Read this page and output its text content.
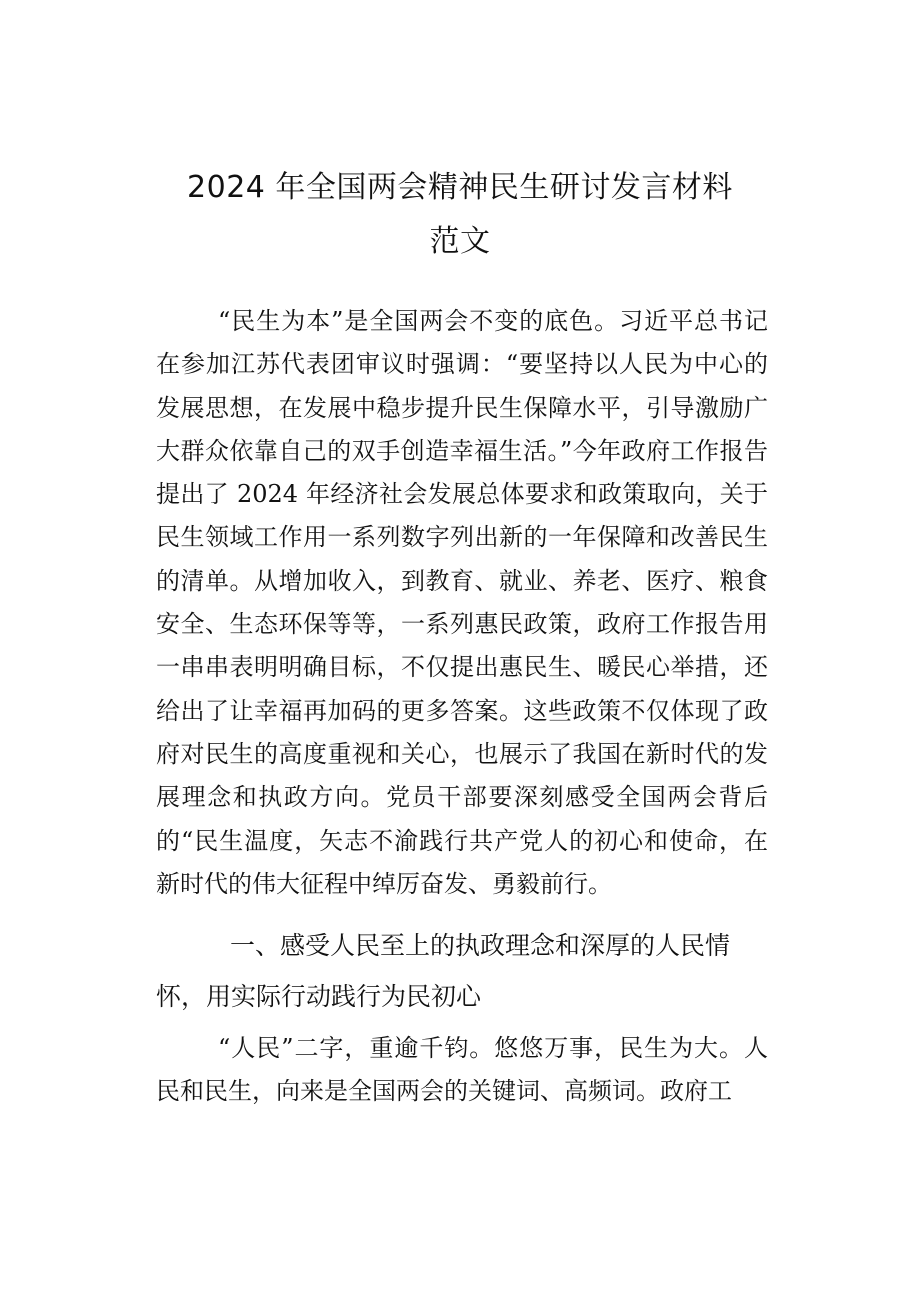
2024 年全国两会精神民生研讨发言材料
范文

“民生为本”是全国两会不变的底色。习近平总书记在参加江苏代表团审议时强调：“要坚持以人民为中心的发展思想，在发展中稳步提升民生保障水平，引导激励广大群众依靠自己的双手创造幸福生活。”今年政府工作报告提出了 2024 年经济社会发展总体要求和政策取向，关于民生领域工作用一系列数字列出新的一年保障和改善民生的清单。从增加收入，到教育、就业、养老、医疗、粮食安全、生态环保等等，一系列惠民政策，政府工作报告用一串串表明明确目标，不仅提出惠民生、暖民心举措，还给出了让幸福再加码的更多答案。这些政策不仅体现了政府对民生的高度重视和关心，也展示了我国在新时代的发展理念和执政方向。党员干部要深刻感受全国两会背后的“民生温度，矢志不渝践行共产党人的初心和使命，在新时代的伟大征程中绰厉奋发、勇毅前行。

一、感受人民至上的执政理念和深厚的人民情怀，用实际行动践行为民初心

“人民”二字，重逾千钧。悠悠万事，民生为大。人民和民生，向来是全国两会的关键词、高频词。政府工
